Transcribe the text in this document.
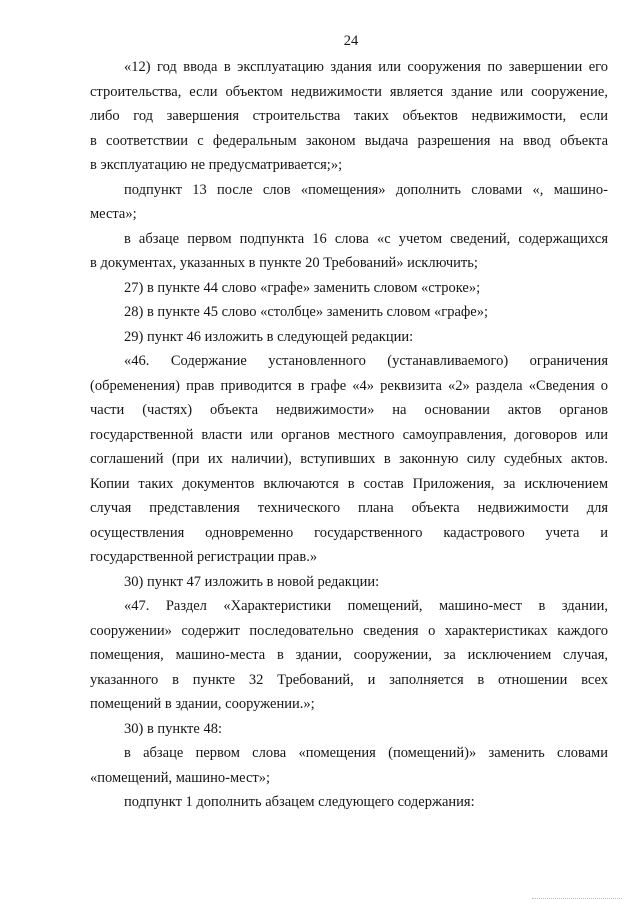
24

«12) год ввода в эксплуатацию здания или сооружения по завершении его
строительства, если объектом недвижимости является здание или сооружение,
либо год завершения строительства таких объектов недвижимости, если
в соответствии с федеральным законом выдача разрешения на ввод объекта
в эксплуатацию не предусматривается;»;

подпункт 13 после слов «помещения» дополнить словами «, машино-
места»;

в абзаце первом подпункта 16 слова «с учетом сведений, содержащихся
в документах, указанных в пункте 20 Требований» исключить;

27) в пункте 44 слово «графе» заменить словом «строке»;

28) в пункте 45 слово «столбце» заменить словом «графе»;

29) пункт 46 изложить в следующей редакции:

«46. Содержание установленного (устанавливаемого) ограничения
(обременения) прав приводится в графе «4» реквизита «2» раздела «Сведения о
части (частях) объекта недвижимости» на основании актов органов
государственной власти или органов местного самоуправления, договоров или
соглашений (при их наличии), вступивших в законную силу судебных актов.
Копии таких документов включаются в состав Приложения, за исключением
случая представления технического плана объекта недвижимости для
осуществления одновременно государственного кадастрового учета и
государственной регистрации прав.»

30) пункт 47 изложить в новой редакции:

«47. Раздел «Характеристики помещений, машино-мест в здании,
сооружении» содержит последовательно сведения о характеристиках каждого
помещения, машино-места в здании, сооружении, за исключением случая,
указанного в пункте 32 Требований, и заполняется в отношении всех
помещений в здании, сооружении.»;

30) в пункте 48:

в абзаце первом слова «помещения (помещений)» заменить словами
«помещений, машино-мест»;

подпункт 1 дополнить абзацем следующего содержания:
